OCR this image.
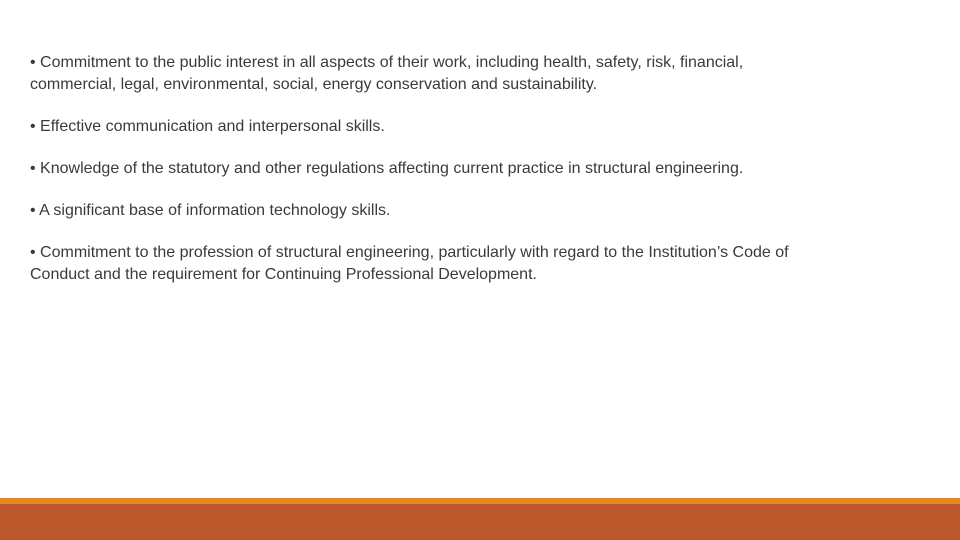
• Commitment to the public interest in all aspects of their work, including health, safety, risk, financial, commercial, legal, environmental, social, energy conservation and sustainability.

• Effective communication and interpersonal skills.

• Knowledge of the statutory and other regulations affecting current practice in structural engineering.

• A significant base of information technology skills.

• Commitment to the profession of structural engineering, particularly with regard to the Institution’s Code of Conduct and the requirement for Continuing Professional Development.
